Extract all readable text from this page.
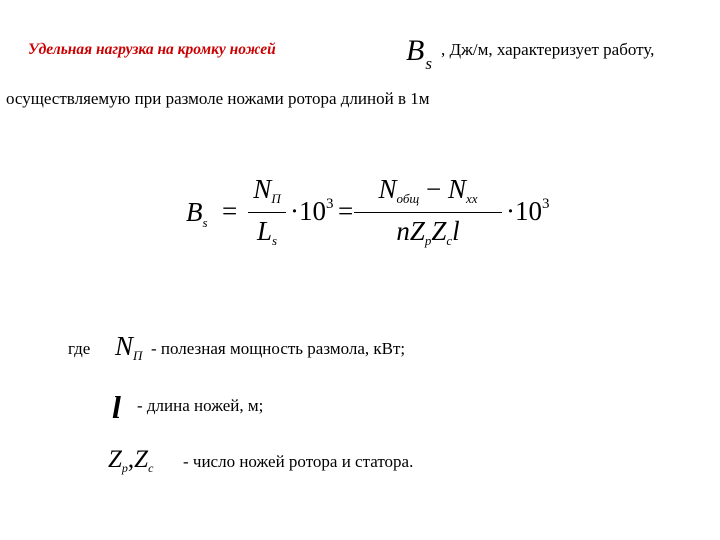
Удельная нагрузка на кромку ножей	Bs
, Дж/м, характеризует работу,
осуществляемую при размоле ножами ротора длиной в 1м
$B_s$ =
NП
Ls
$\cdot 10^3$ =
Nобщ − Nxx
nZpZcl
$\cdot 10^3$
где NП - полезная мощность размола, кВт;
l - длина ножей, м;
$Z_p,Z_c$ - число ножей ротора и статора.
